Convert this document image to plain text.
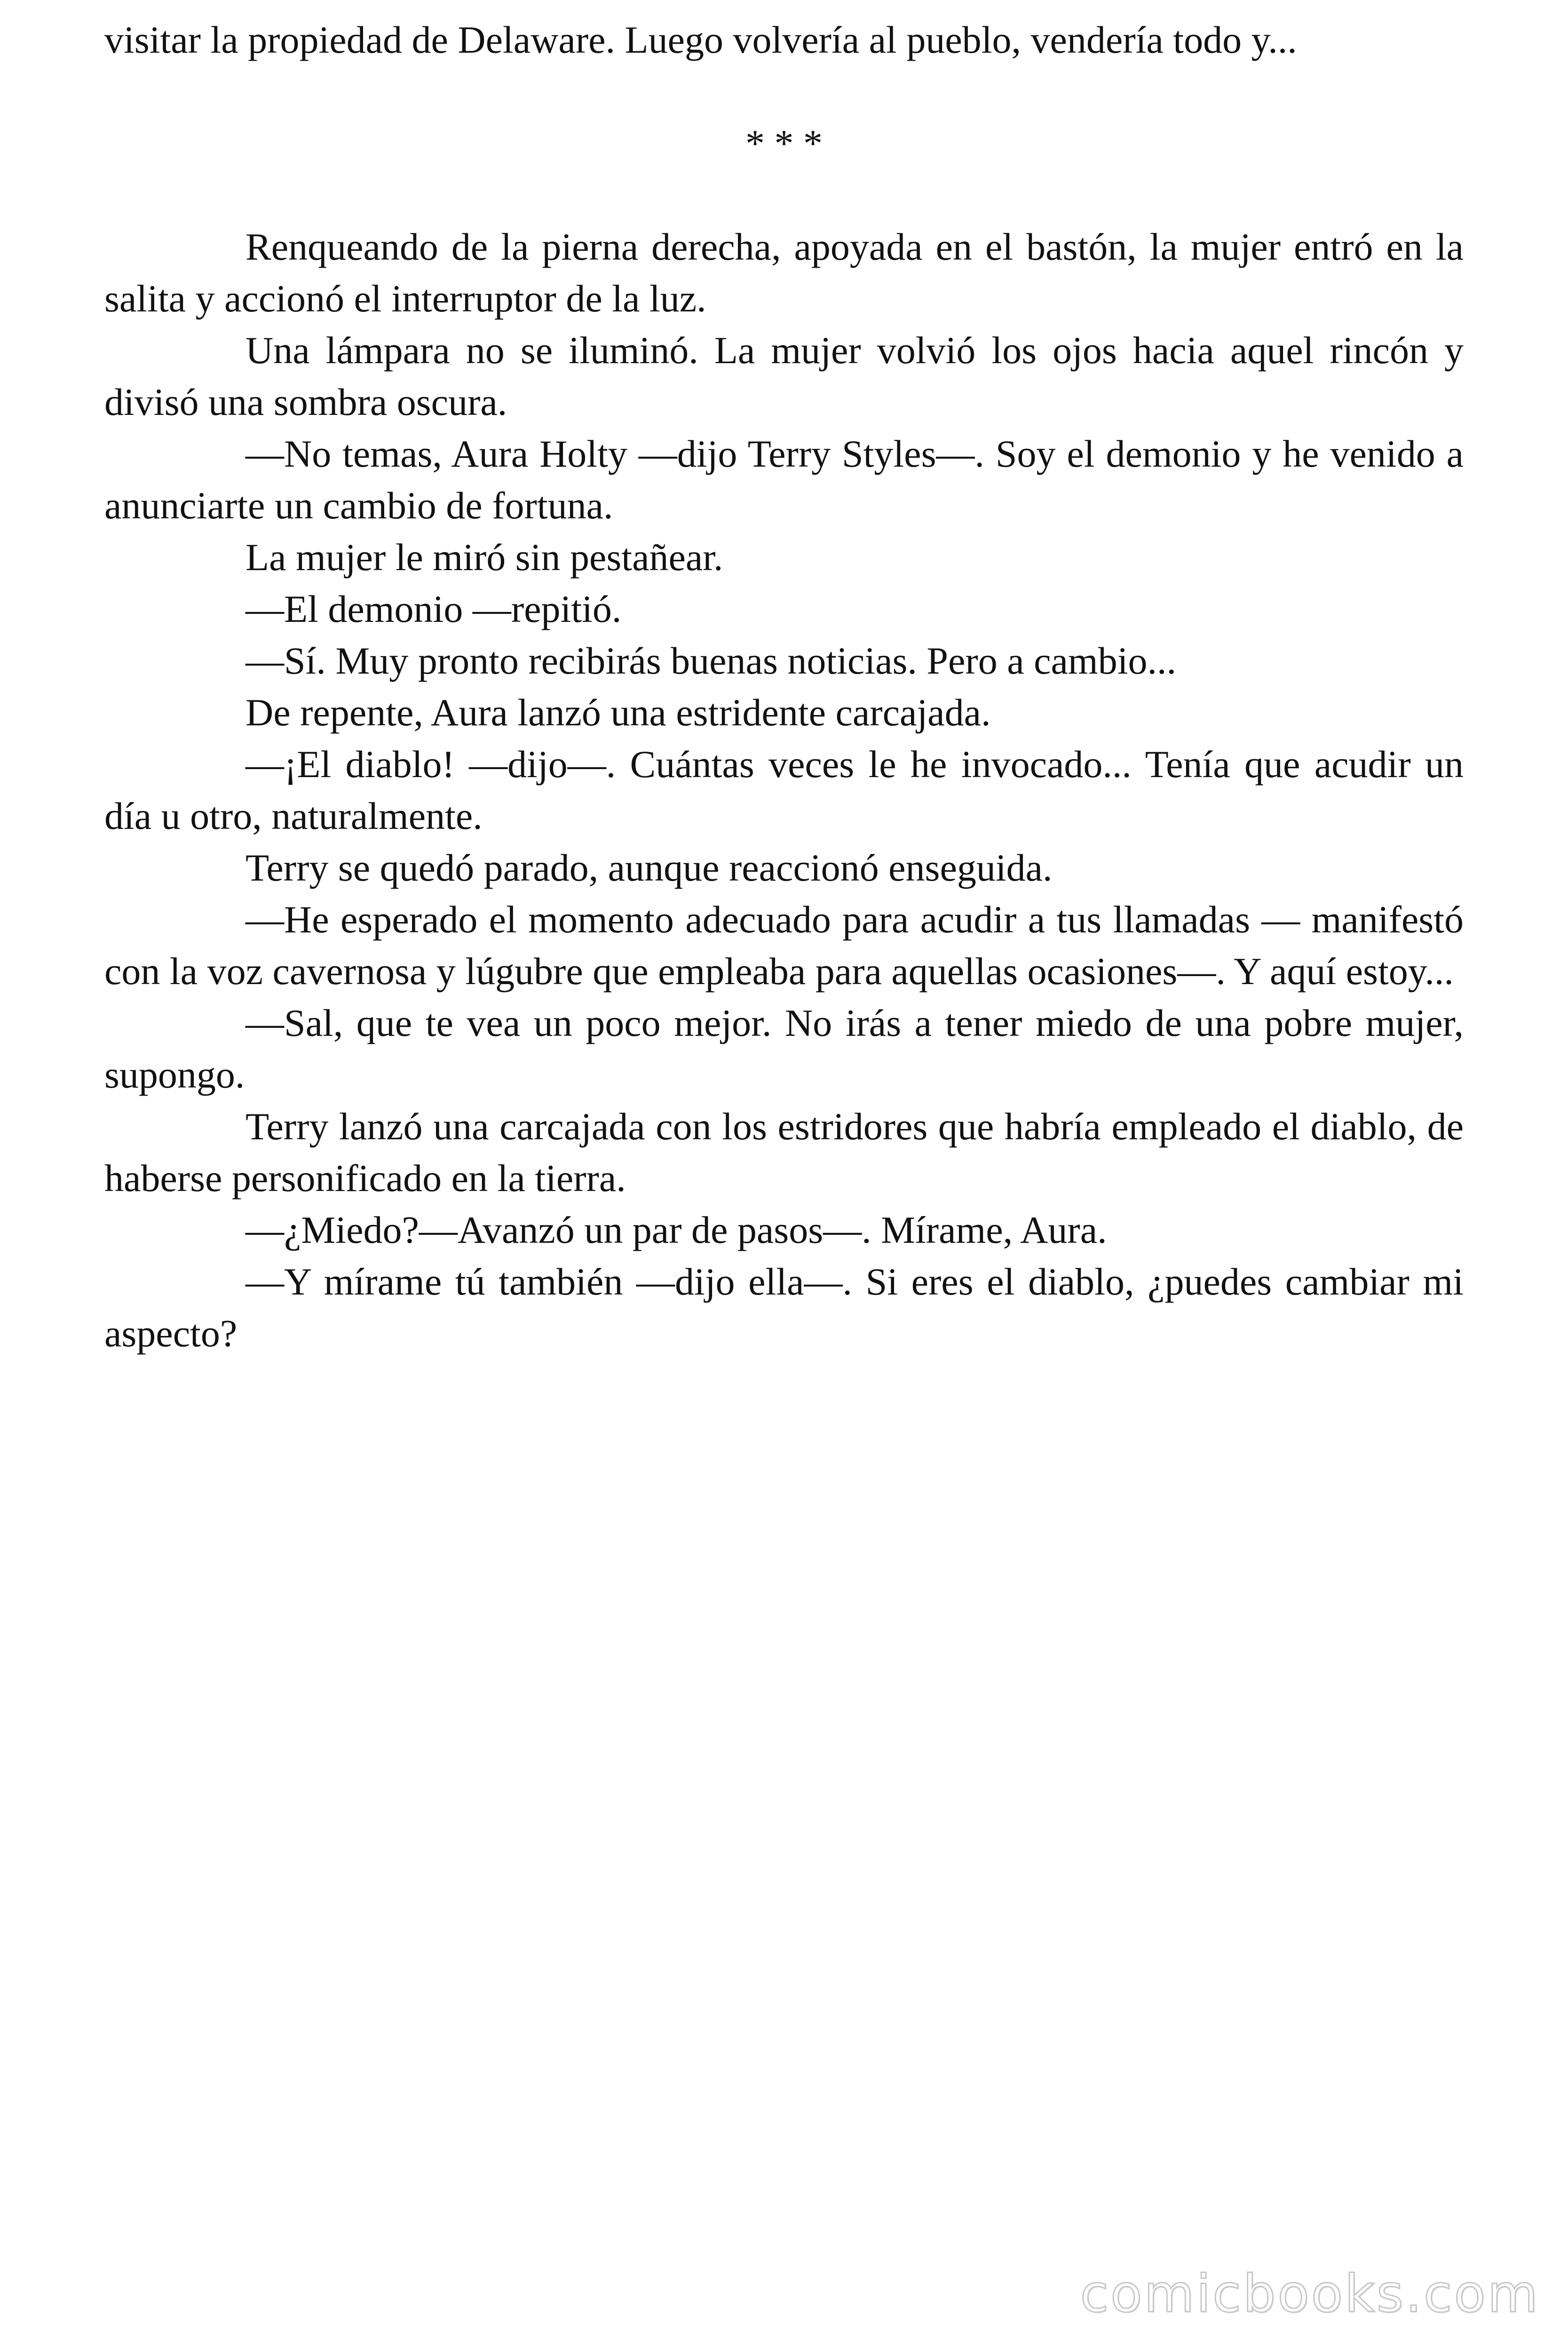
visitar la propiedad de Delaware. Luego volvería al pueblo, vendería todo y...

* * *

Renqueando de la pierna derecha, apoyada en el bastón, la mujer entró en la salita y accionó el interruptor de la luz.

Una lámpara no se iluminó. La mujer volvió los ojos hacia aquel rincón y divisó una sombra oscura.

—No temas, Aura Holty —dijo Terry Styles—. Soy el demonio y he venido a anunciarte un cambio de fortuna.

La mujer le miró sin pestañear.

—El demonio —repitió.

—Sí. Muy pronto recibirás buenas noticias. Pero a cambio...

De repente, Aura lanzó una estridente carcajada.

—¡El diablo! —dijo—. Cuántas veces le he invocado... Tenía que acudir un día u otro, naturalmente.

Terry se quedó parado, aunque reaccionó enseguida.

—He esperado el momento adecuado para acudir a tus llamadas — manifestó con la voz cavernosa y lúgubre que empleaba para aquellas ocasiones—. Y aquí estoy...

—Sal, que te vea un poco mejor. No irás a tener miedo de una pobre mujer, supongo.

Terry lanzó una carcajada con los estridores que habría empleado el diablo, de haberse personificado en la tierra.

—¿Miedo?—Avanzó un par de pasos—. Mírame, Aura.

—Y mírame tú también —dijo ella—. Si eres el diablo, ¿puedes cambiar mi aspecto?

comicbooks.com
